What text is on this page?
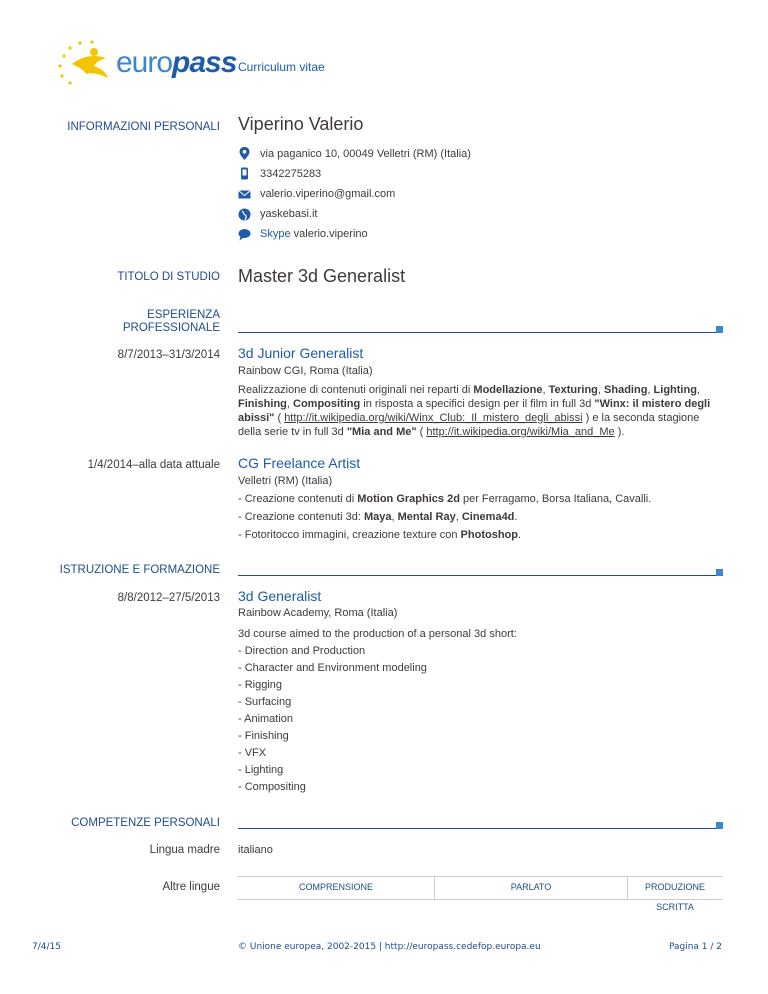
europass Curriculum vitae
INFORMAZIONI PERSONALI Viperino Valerio
via paganico 10, 00049 Velletri (RM) (Italia)
3342275283
valerio.viperino@gmail.com
yaskebasi.it
Skype valerio.viperino
TITOLO DI STUDIO Master 3d Generalist
ESPERIENZA
PROFESSIONALE
8/7/2013–31/3/2014 3d Junior Generalist
Rainbow CGI, Roma (Italia)
Realizzazione di contenuti originali nei reparti di Modellazione, Texturing, Shading, Lighting, Finishing, Compositing in risposta a specifici design per il film in full 3d "Winx: il mistero degli abissi" ( http://it.wikipedia.org/wiki/Winx_Club:_Il_mistero_degli_abissi ) e la seconda stagione della serie tv in full 3d "Mia and Me" ( http://it.wikipedia.org/wiki/Mia_and_Me ).
1/4/2014–alla data attuale CG Freelance Artist
Velletri (RM) (Italia)
- Creazione contenuti di Motion Graphics 2d per Ferragamo, Borsa Italiana, Cavalli.
- Creazione contenuti 3d: Maya, Mental Ray, Cinema4d.
- Fotoritocco immagini, creazione texture con Photoshop.
ISTRUZIONE E FORMAZIONE
8/8/2012–27/5/2013 3d Generalist
Rainbow Academy, Roma (Italia)
3d course aimed to the production of a personal 3d short:
- Direction and Production
- Character and Environment modeling
- Rigging
- Surfacing
- Animation
- Finishing
- VFX
- Lighting
- Compositing
COMPETENZE PERSONALI
Lingua madre italiano
Altre lingue	COMPRENSIONE	PARLATO	PRODUZIONE SCRITTA
7/4/15	© Unione europea, 2002-2015 | http://europass.cedefop.europa.eu	Pagina 1 / 2
